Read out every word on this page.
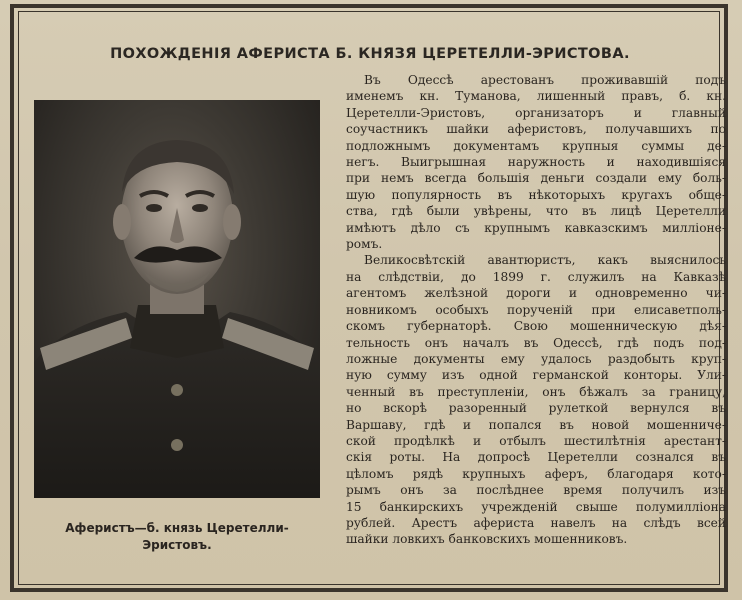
ПОХОЖДЕНIЯ АФЕРИСТА Б. КНЯЗЯ ЦЕРЕТЕЛЛИ-ЭРИСТОВА.
Аферистъ—б. князь Церетелли-
Эристовъ.
Въ Одессѣ арестованъ проживавшій подъ
именемъ кн. Туманова, лишенный правъ, б. кн.
Церетелли-Эристовъ, организаторъ и главный
соучастникъ шайки аферистовъ, получавшихъ по
подложнымъ документамъ крупныя суммы де-
негъ. Выигрышная наружность и находившіяся
при немъ всегда большія деньги создали ему боль-
шую популярность въ нѣкоторыхъ кругахъ обще-
ства, гдѣ были увѣрены, что въ лицѣ Церетелли
имѣютъ дѣло съ крупнымъ кавказскимъ милліоне-
ромъ.
Великосвѣтскій авантюристъ, какъ выяснилось
на слѣдствіи, до 1899 г. служилъ на Кавказѣ
агентомъ желѣзной дороги и одновременно чи-
новникомъ особыхъ порученій при елисаветполь-
скомъ губернаторѣ. Свою мошенническую дѣя-
тельность онъ началъ въ Одессѣ, гдѣ подъ под-
ложные документы ему удалось раздобыть круп-
ную сумму изъ одной германской конторы. Ули-
ченный въ преступленіи, онъ бѣжалъ за границу,
но вскорѣ разоренный рулеткой вернулся въ
Варшаву, гдѣ и попался въ новой мошенниче-
ской продѣлкѣ и отбылъ шестилѣтнія арестант-
скія роты. На допросѣ Церетелли сознался въ
цѣломъ рядѣ крупныхъ аферъ, благодаря кото-
рымъ онъ за послѣднее время получилъ изъ
15 банкирскихъ учрежденій свыше полумилліона
рублей. Арестъ афериста навелъ на слѣдъ всей
шайки ловкихъ банковскихъ мошенниковъ.
